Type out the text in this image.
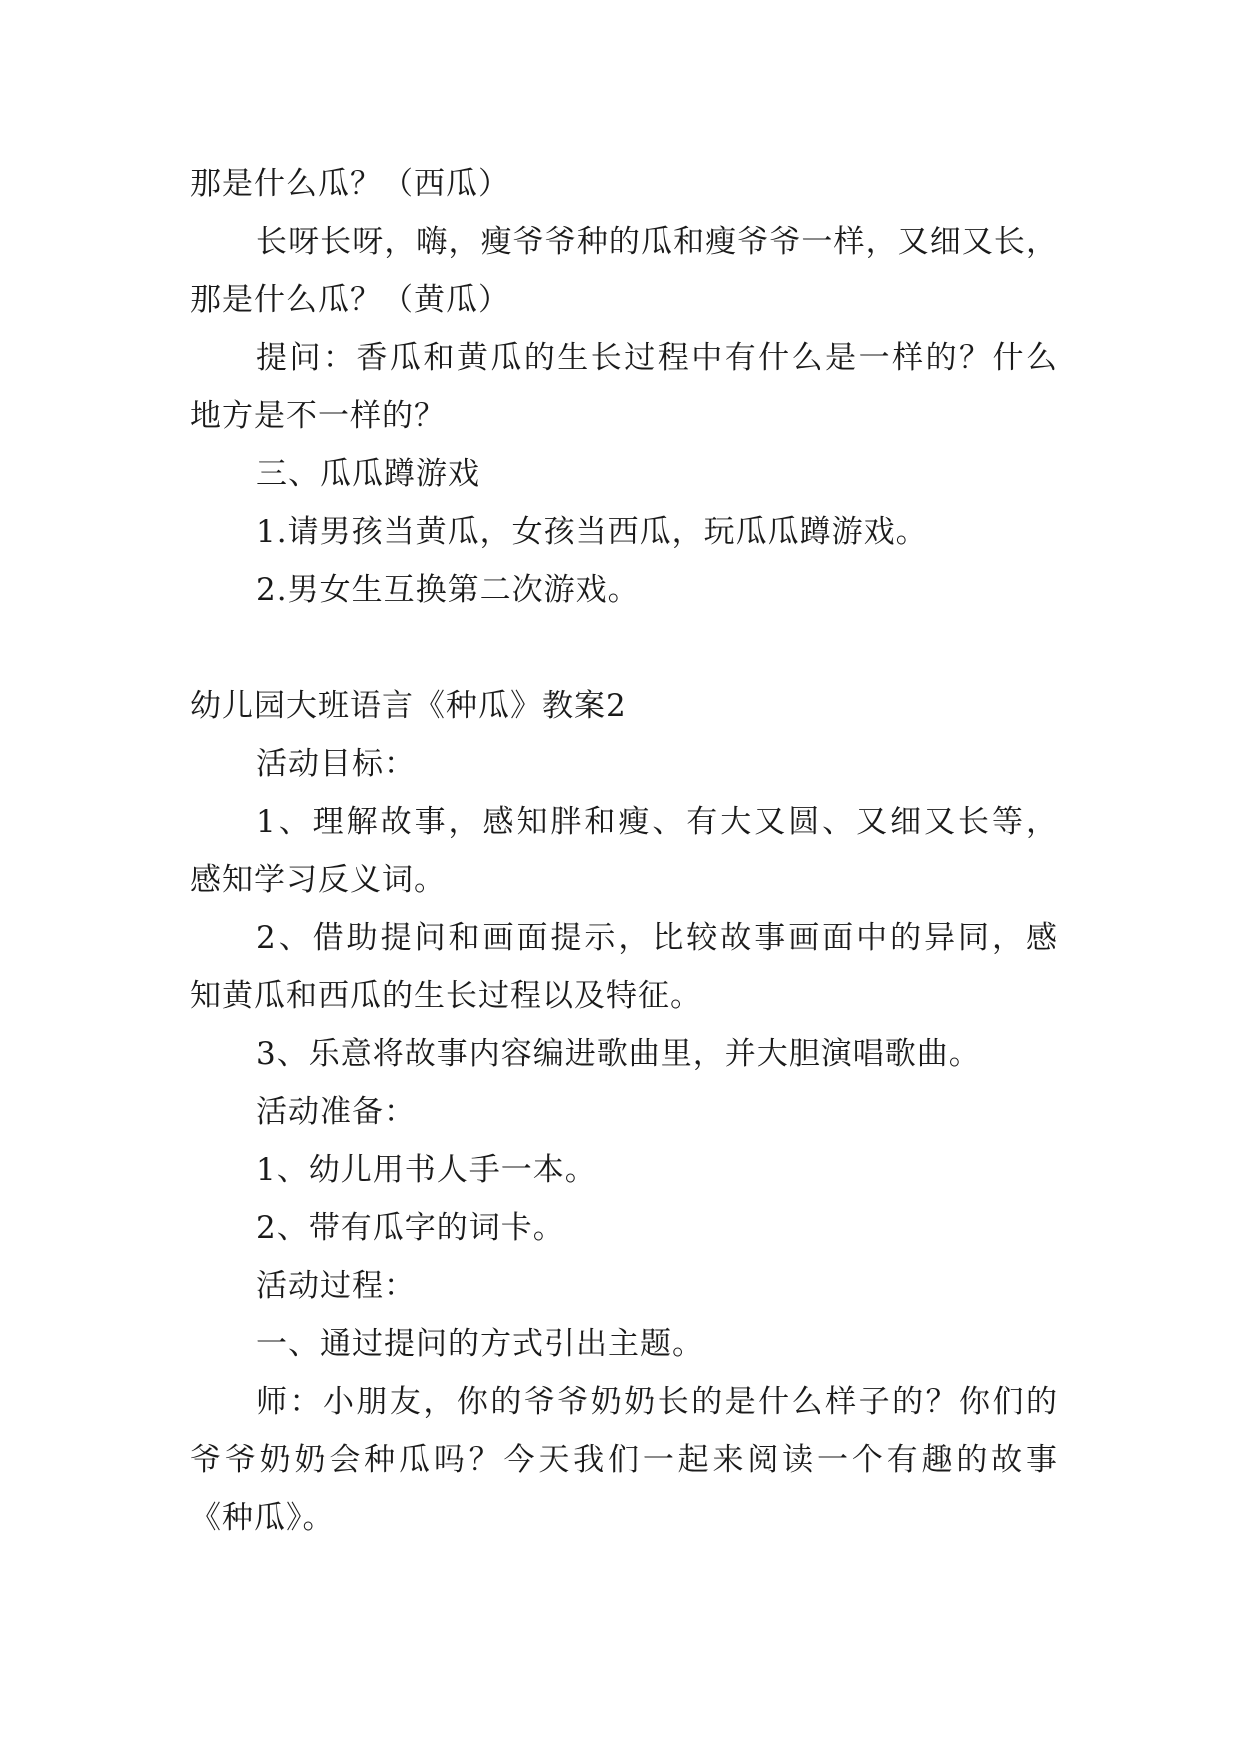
那是什么瓜？（西瓜）
长呀长呀，嗨，瘦爷爷种的瓜和瘦爷爷一样，又细又长，
那是什么瓜？（黄瓜）
提问：香瓜和黄瓜的生长过程中有什么是一样的？什么
地方是不一样的？
三、瓜瓜蹲游戏
1.请男孩当黄瓜，女孩当西瓜，玩瓜瓜蹲游戏。
2.男女生互换第二次游戏。
幼儿园大班语言《种瓜》教案2
活动目标：
1、理解故事，感知胖和瘦、有大又圆、又细又长等，
感知学习反义词。
2、借助提问和画面提示，比较故事画面中的异同，感
知黄瓜和西瓜的生长过程以及特征。
3、乐意将故事内容编进歌曲里，并大胆演唱歌曲。
活动准备：
1、幼儿用书人手一本。
2、带有瓜字的词卡。
活动过程：
一、通过提问的方式引出主题。
师：小朋友，你的爷爷奶奶长的是什么样子的？你们的
爷爷奶奶会种瓜吗？今天我们一起来阅读一个有趣的故事
《种瓜》。
